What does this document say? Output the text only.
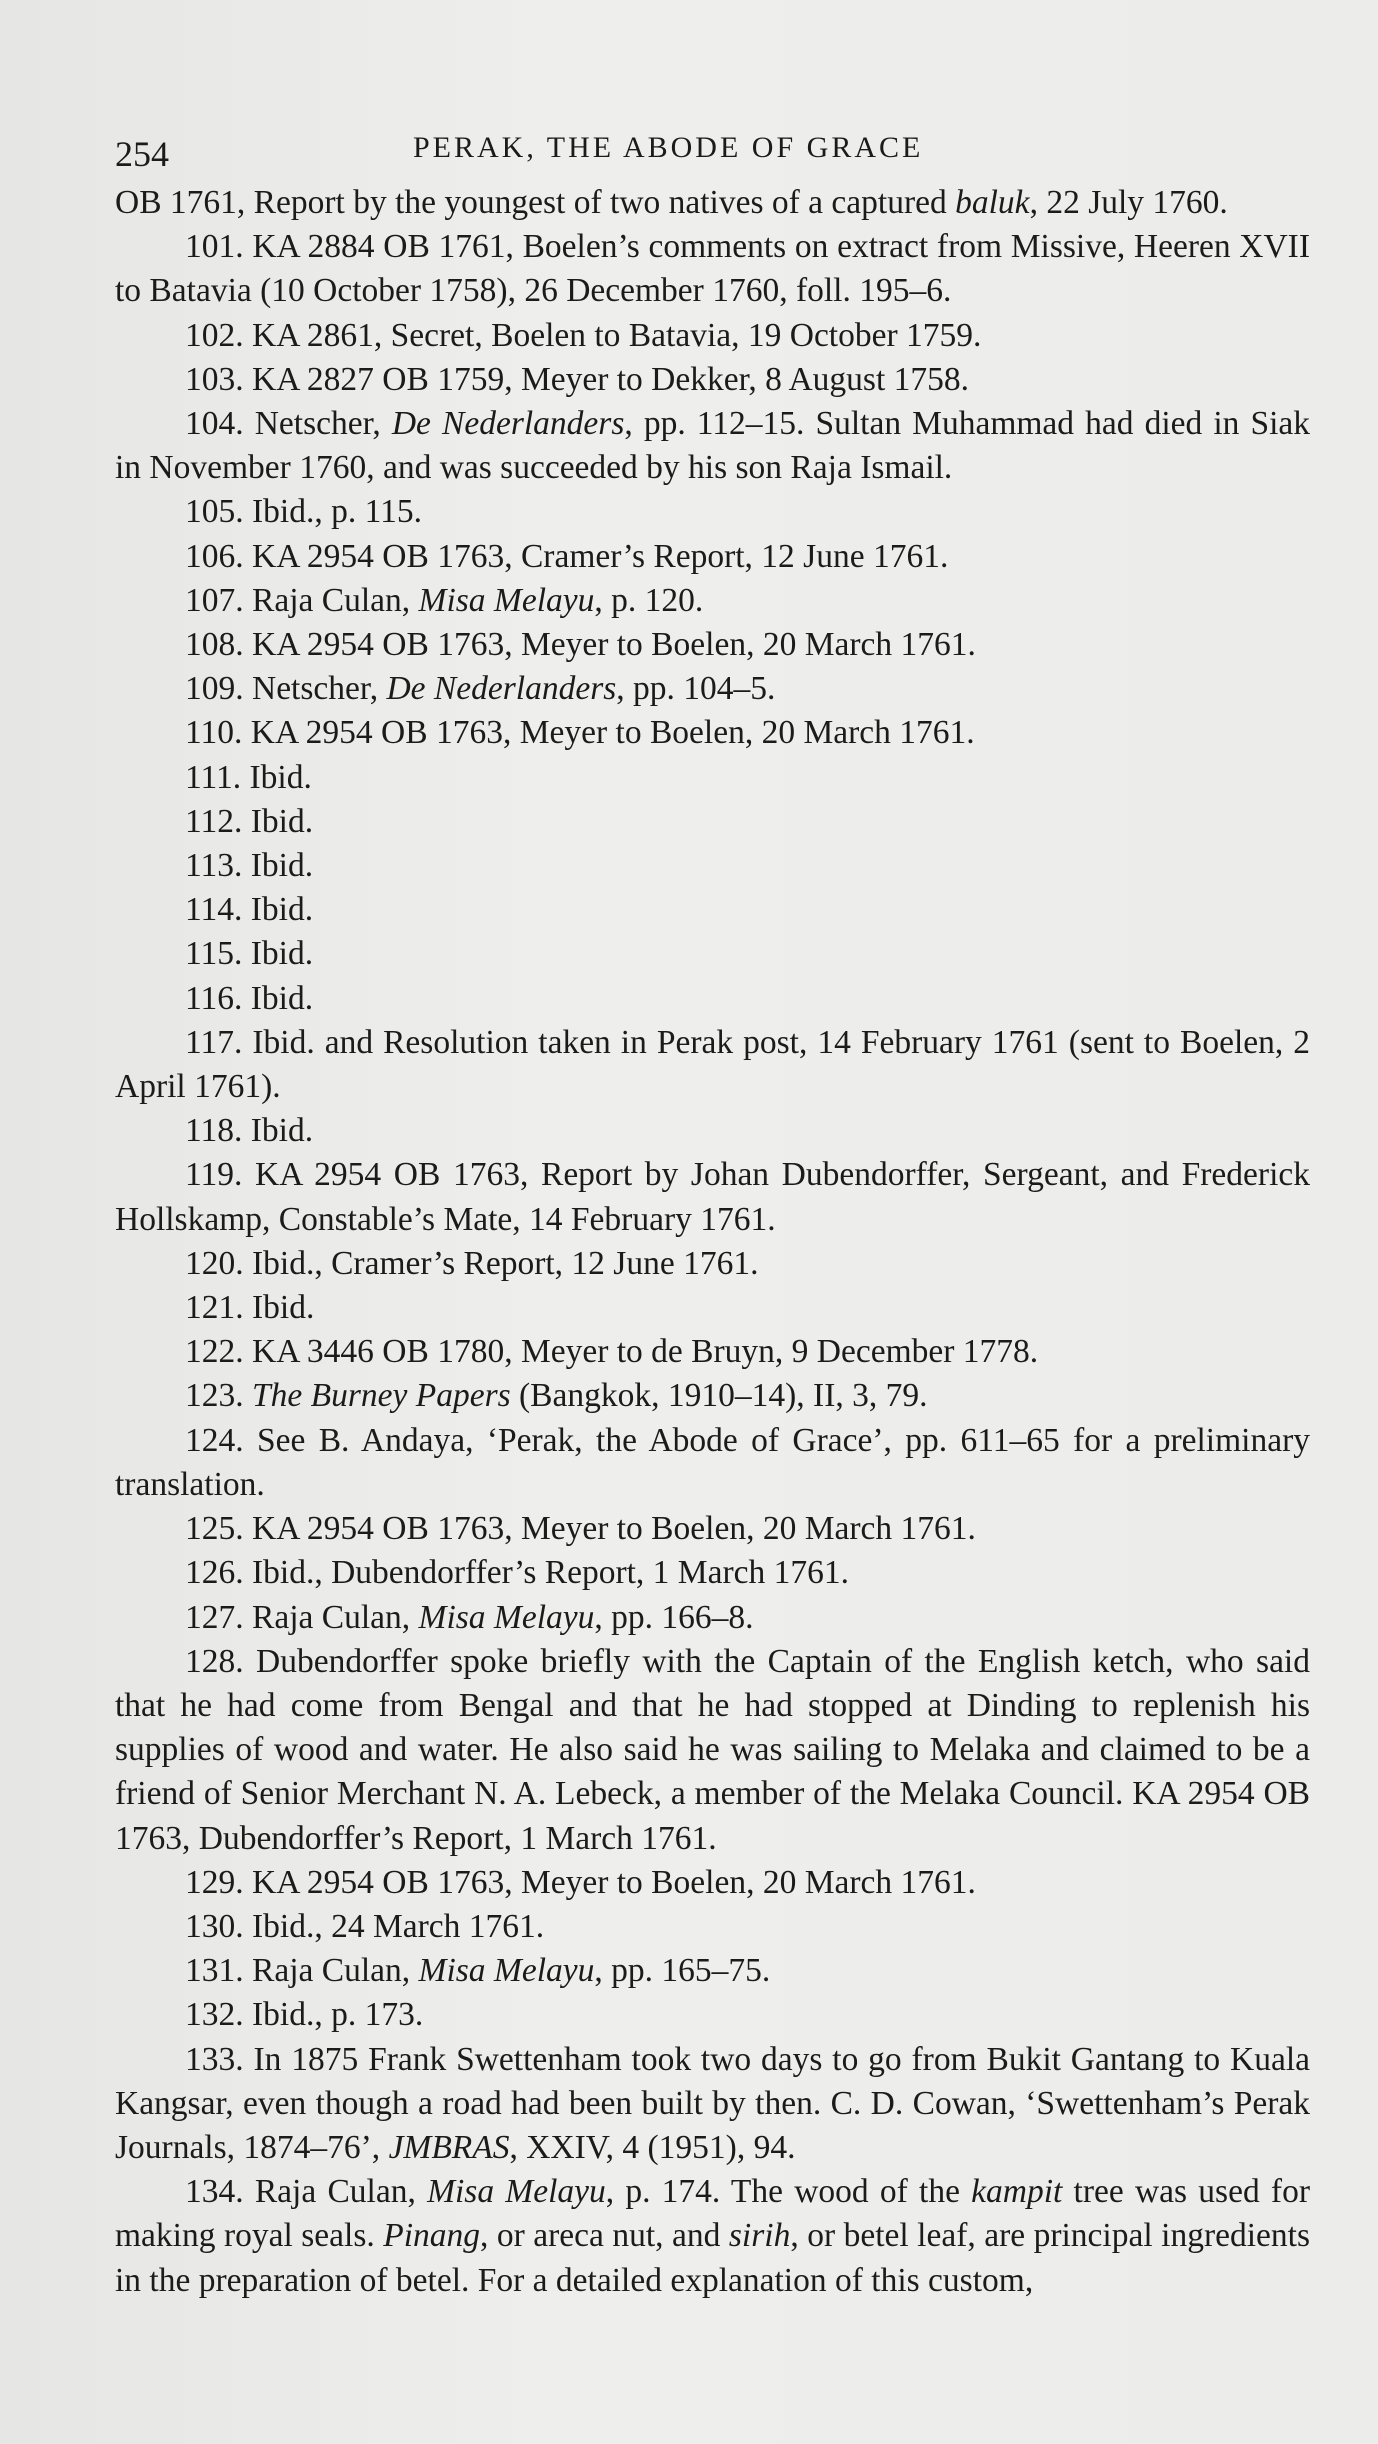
254	PERAK, THE ABODE OF GRACE

OB 1761, Report by the youngest of two natives of a captured baluk, 22 July 1760.

101. KA 2884 OB 1761, Boelen’s comments on extract from Missive, Heeren XVII to Batavia (10 October 1758), 26 December 1760, foll. 195–6.

102. KA 2861, Secret, Boelen to Batavia, 19 October 1759.

103. KA 2827 OB 1759, Meyer to Dekker, 8 August 1758.

104. Netscher, De Nederlanders, pp. 112–15. Sultan Muhammad had died in Siak in November 1760, and was succeeded by his son Raja Ismail.

105. Ibid., p. 115.

106. KA 2954 OB 1763, Cramer’s Report, 12 June 1761.

107. Raja Culan, Misa Melayu, p. 120.

108. KA 2954 OB 1763, Meyer to Boelen, 20 March 1761.

109. Netscher, De Nederlanders, pp. 104–5.

110. KA 2954 OB 1763, Meyer to Boelen, 20 March 1761.

111. Ibid.

112. Ibid.

113. Ibid.

114. Ibid.

115. Ibid.

116. Ibid.

117. Ibid. and Resolution taken in Perak post, 14 February 1761 (sent to Boelen, 2 April 1761).

118. Ibid.

119. KA 2954 OB 1763, Report by Johan Dubendorffer, Sergeant, and Frederick Hollskamp, Constable’s Mate, 14 February 1761.

120. Ibid., Cramer’s Report, 12 June 1761.

121. Ibid.

122. KA 3446 OB 1780, Meyer to de Bruyn, 9 December 1778.

123. The Burney Papers (Bangkok, 1910–14), II, 3, 79.

124. See B. Andaya, ‘Perak, the Abode of Grace’, pp. 611–65 for a preliminary translation.

125. KA 2954 OB 1763, Meyer to Boelen, 20 March 1761.

126. Ibid., Dubendorffer’s Report, 1 March 1761.

127. Raja Culan, Misa Melayu, pp. 166–8.

128. Dubendorffer spoke briefly with the Captain of the English ketch, who said that he had come from Bengal and that he had stopped at Dinding to replenish his supplies of wood and water. He also said he was sailing to Melaka and claimed to be a friend of Senior Merchant N. A. Lebeck, a member of the Melaka Council. KA 2954 OB 1763, Dubendorffer’s Report, 1 March 1761.

129. KA 2954 OB 1763, Meyer to Boelen, 20 March 1761.

130. Ibid., 24 March 1761.

131. Raja Culan, Misa Melayu, pp. 165–75.

132. Ibid., p. 173.

133. In 1875 Frank Swettenham took two days to go from Bukit Gantang to Kuala Kangsar, even though a road had been built by then. C. D. Cowan, ‘Swettenham’s Perak Journals, 1874–76’, JMBRAS, XXIV, 4 (1951), 94.

134. Raja Culan, Misa Melayu, p. 174. The wood of the kampit tree was used for making royal seals. Pinang, or areca nut, and sirih, or betel leaf, are principal ingredients in the preparation of betel. For a detailed explanation of this custom,
